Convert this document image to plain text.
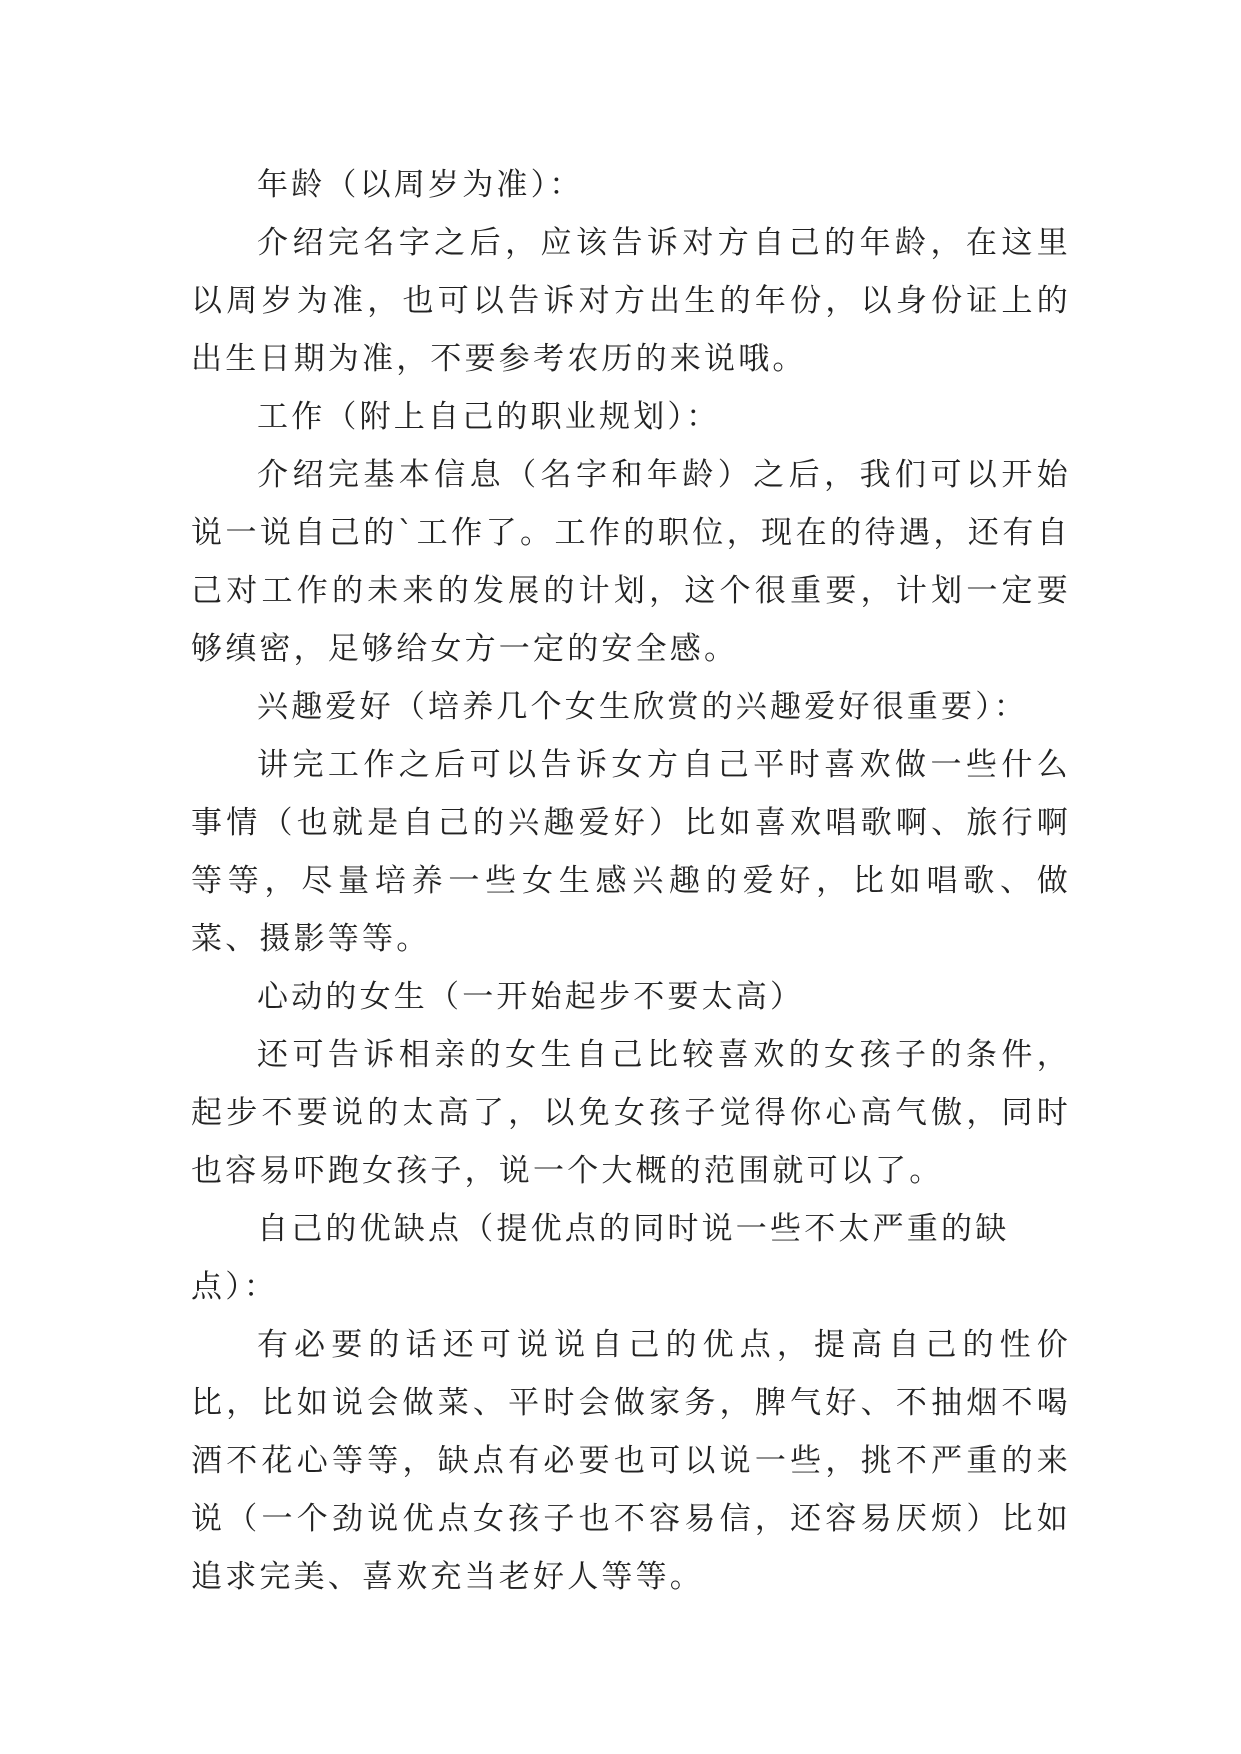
年龄（以周岁为准）：

介绍完名字之后，应该告诉对方自己的年龄，在这里以周岁为准，也可以告诉对方出生的年份，以身份证上的出生日期为准，不要参考农历的来说哦。

工作（附上自己的职业规划）：

介绍完基本信息（名字和年龄）之后，我们可以开始说一说自己的`工作了。工作的职位，现在的待遇，还有自己对工作的未来的发展的计划，这个很重要，计划一定要够缜密，足够给女方一定的安全感。

兴趣爱好（培养几个女生欣赏的兴趣爱好很重要）：

讲完工作之后可以告诉女方自己平时喜欢做一些什么事情（也就是自己的兴趣爱好）比如喜欢唱歌啊、旅行啊等等，尽量培养一些女生感兴趣的爱好，比如唱歌、做菜、摄影等等。

心动的女生（一开始起步不要太高）

还可告诉相亲的女生自己比较喜欢的女孩子的条件，起步不要说的太高了，以免女孩子觉得你心高气傲，同时也容易吓跑女孩子，说一个大概的范围就可以了。

自己的优缺点（提优点的同时说一些不太严重的缺点）：

有必要的话还可说说自己的优点，提高自己的性价比，比如说会做菜、平时会做家务，脾气好、不抽烟不喝酒不花心等等，缺点有必要也可以说一些，挑不严重的来说（一个劲说优点女孩子也不容易信，还容易厌烦）比如追求完美、喜欢充当老好人等等。
